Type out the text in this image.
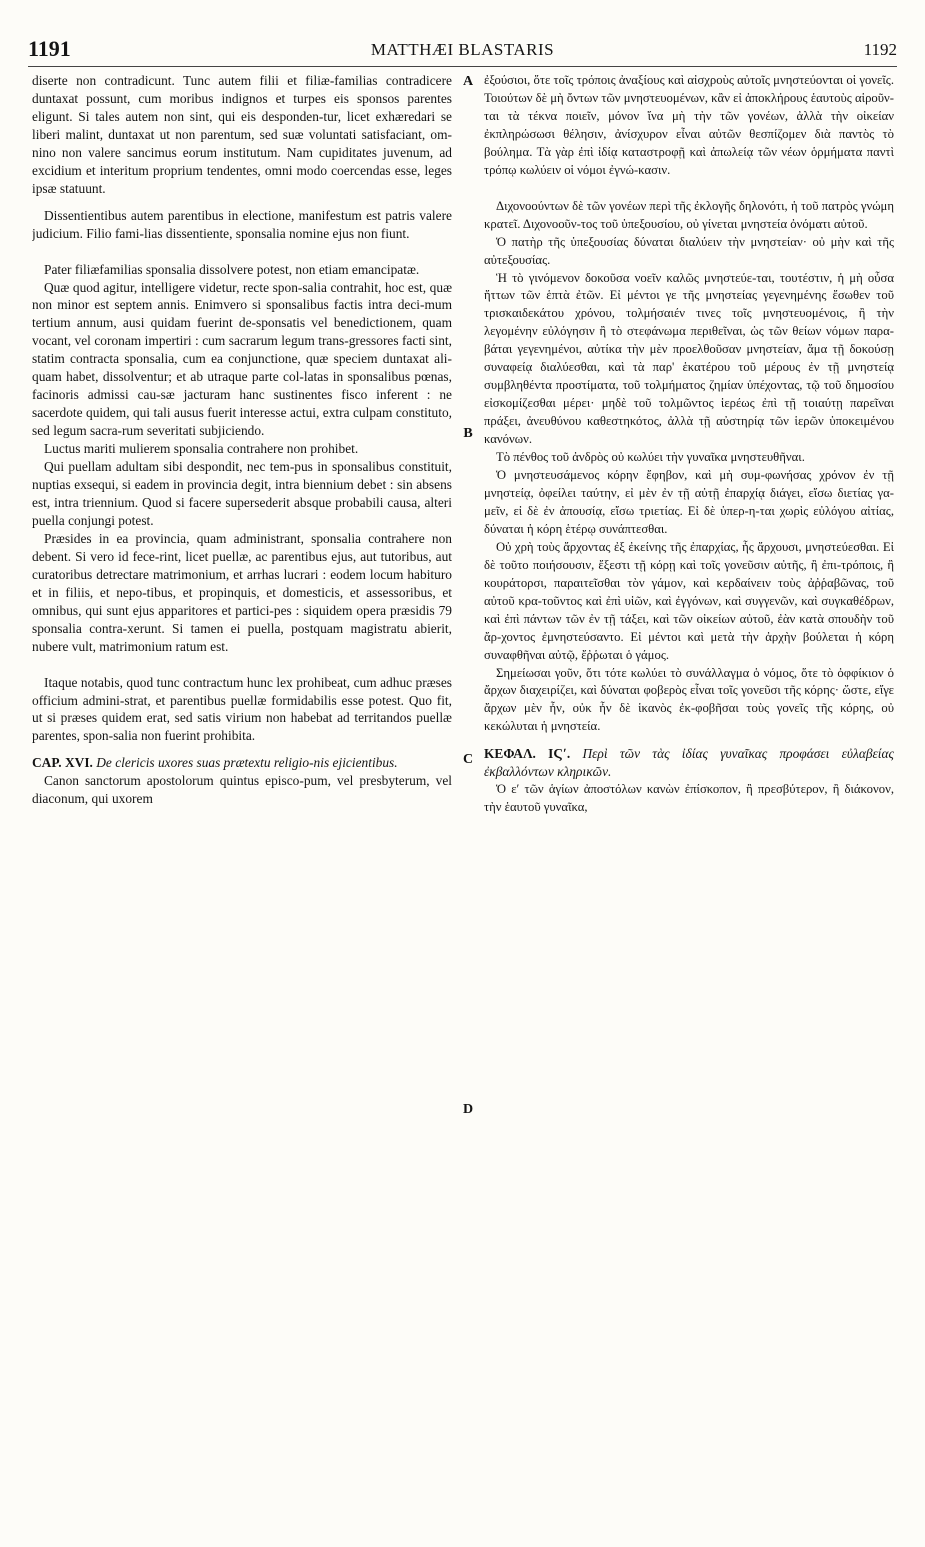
1191	MATTHÆI BLASTARIS	1192
A
B
C
D

diserte non contradicunt. Tunc autem filii et filiæ-familias contradicere duntaxat possunt, cum moribus indignos et turpes eis sponsos parentes eligunt. Si tales autem non sint, qui eis desponden-tur, licet exhæredari se liberi malint, duntaxat ut non parentum, sed suæ voluntati satisfaciant, om-nino non valere sancimus eorum institutum. Nam cupiditates juvenum, ad excidium et interitum proprium tendentes, omni modo coercendas esse, leges ipsæ statuunt.

Dissentientibus autem parentibus in electione, manifestum est patris valere judicium. Filio fami-lias dissentiente, sponsalia nomine ejus non fiunt.

Pater filiæfamilias sponsalia dissolvere potest, non etiam emancipatæ.

Quæ quod agitur, intelligere videtur, recte spon-salia contrahit, hoc est, quæ non minor est septem annis. Enimvero si sponsalibus factis intra deci-mum tertium annum, ausi quidam fuerint de-sponsatis vel benedictionem, quam vocant, vel coronam impertiri : cum sacrarum legum trans-gressores facti sint, statim contracta sponsalia, cum ea conjunctione, quæ speciem duntaxat ali-quam habet, dissolventur; et ab utraque parte col-latas in sponsalibus pœnas, facinoris admissi cau-sæ jacturam hanc sustinentes fisco inferent : ne sacerdote quidem, qui tali ausus fuerit interesse actui, extra culpam constituto, sed legum sacra-rum severitati subjiciendo.

Luctus mariti mulierem sponsalia contrahere non prohibet.

Qui puellam adultam sibi despondit, nec tem-pus in sponsalibus constituit, nuptias exsequi, si eadem in provincia degit, intra biennium debet : sin absens est, intra triennium. Quod si facere supersederit absque probabili causa, alteri puella conjungi potest.

Præsides in ea provincia, quam administrant, sponsalia contrahere non debent. Si vero id fece-rint, licet puellæ, ac parentibus ejus, aut tutoribus, aut curatoribus detrectare matrimonium, et arrhas lucrari : eodem locum habituro et in filiis, et nepo-tibus, et propinquis, et domesticis, et assessoribus, et omnibus, qui sunt ejus apparitores et partici-pes : siquidem opera præsidis 79 sponsalia contra-xerunt. Si tamen ei puella, postquam magistratu abierit, nubere vult, matrimonium ratum est.

Itaque notabis, quod tunc contractum hunc lex prohibeat, cum adhuc præses officium admini-strat, et parentibus puellæ formidabilis esse potest. Quo fit, ut si præses quidem erat, sed satis virium non habebat ad territandos puellæ parentes, spon-salia non fuerint prohibita.

CAP. XVI. De clericis uxores suas prætextu religio-nis ejicientibus.

Canon sanctorum apostolorum quintus episco-pum, vel presbyterum, vel diaconum, qui uxorem

ἐξούσιοι, ὅτε τοῖς τρόποις ἀναξίους καὶ αἰσχροὺς αὐτοῖς μνηστεύονται οἱ γονεῖς. Τοιούτων δὲ μὴ ὄντων τῶν μνηστευομένων, κἂν εἰ ἀποκλήρους ἑαυτοὺς αἱροῦν-ται τὰ τέκνα ποιεῖν, μόνον ἵνα μὴ τὴν τῶν γονέων, ἀλλὰ τὴν οἰκείαν ἐκπληρώσωσι θέλησιν, ἀνίσχυρον εἶναι αὐτῶν θεσπίζομεν διὰ παντὸς τὸ βούλημα. Τὰ γὰρ ἐπὶ ἰδίᾳ καταστροφῇ καὶ ἀπωλείᾳ τῶν νέων ὁρμήματα παντὶ τρόπῳ κωλύειν οἱ νόμοι ἐγνώ-κασιν.

Διχονοούντων δὲ τῶν γονέων περὶ τῆς ἐκλογῆς δηλονότι, ἡ τοῦ πατρὸς γνώμη κρατεῖ. Διχονοοῦν-τος τοῦ ὑπεξουσίου, οὐ γίνεται μνηστεία ὀνόματι αὐτοῦ.

Ὁ πατὴρ τῆς ὑπεξουσίας δύναται διαλύειν τὴν μνηστείαν· οὐ μὴν καὶ τῆς αὐτεξουσίας.

Ἡ τὸ γινόμενον δοκοῦσα νοεῖν καλῶς μνηστεύε-ται, τουτέστιν, ἡ μὴ οὖσα ἥττων τῶν ἑπτὰ ἐτῶν. Εἰ μέντοι γε τῆς μνηστείας γεγενημένης ἔσωθεν τοῦ τρισκαιδεκάτου χρόνου, τολμήσαιέν τινες τοῖς μνηστευομένοις, ἢ τὴν λεγομένην εὐλόγησιν ἢ τὸ στεφάνωμα περιθεῖναι, ὡς τῶν θείων νόμων παρα-βάται γεγενημένοι, αὐτίκα τὴν μὲν προελθοῦσαν μνηστείαν, ἅμα τῇ δοκούσῃ συναφείᾳ διαλύεσθαι, καὶ τὰ παρ' ἑκατέρου τοῦ μέρους ἐν τῇ μνηστείᾳ συμβληθέντα προστίματα, τοῦ τολμήματος ζημίαν ὑπέχοντας, τῷ τοῦ δημοσίου εἰσκομίζεσθαι μέρει· μηδὲ τοῦ τολμῶντος ἱερέως ἐπὶ τῇ τοιαύτῃ παρεῖναι πράξει, ἀνευθύνου καθεστηκότος, ἀλλὰ τῇ αὐστηρίᾳ τῶν ἱερῶν ὑποκειμένου κανόνων.

Τὸ πένθος τοῦ ἀνδρὸς οὐ κωλύει τὴν γυναῖκα μνηστευθῆναι.

Ὁ μνηστευσάμενος κόρην ἔφηβον, καὶ μὴ συμ-φωνήσας χρόνον ἐν τῇ μνηστείᾳ, ὀφείλει ταύτην, εἰ μὲν ἐν τῇ αὐτῇ ἐπαρχίᾳ διάγει, εἴσω διετίας γα-μεῖν, εἰ δὲ ἐν ἀπουσίᾳ, εἴσω τριετίας. Εἰ δὲ ὑπερ-η-ται χωρὶς εὐλόγου αἰτίας, δύναται ἡ κόρη ἑτέρῳ συνάπτεσθαι.

Οὐ χρὴ τοὺς ἄρχοντας ἐξ ἐκείνης τῆς ἐπαρχίας, ἧς ἄρχουσι, μνηστεύεσθαι. Εἰ δὲ τοῦτο ποιήσουσιν, ἔξεστι τῇ κόρῃ καὶ τοῖς γονεῦσιν αὐτῆς, ἢ ἐπι-τρόποις, ἢ κουράτορσι, παραιτεῖσθαι τὸν γάμον, καὶ κερδαίνειν τοὺς ἀῤῥαβῶνας, τοῦ αὐτοῦ κρα-τοῦντος καὶ ἐπὶ υἱῶν, καὶ ἐγγόνων, καὶ συγγενῶν, καὶ συγκαθέδρων, καὶ ἐπὶ πάντων τῶν ἐν τῇ τάξει, καὶ τῶν οἰκείων αὐτοῦ, ἐὰν κατὰ σπουδὴν τοῦ ἄρ-χοντος ἐμνηστεύσαντο. Εἰ μέντοι καὶ μετὰ τὴν ἀρχὴν βούλεται ἡ κόρη συναφθῆναι αὐτῷ, ἔῤῥωται ὁ γάμος.

Σημείωσαι γοῦν, ὅτι τότε κωλύει τὸ συνάλλαγμα ὁ νόμος, ὅτε τὸ ὀφφίκιον ὁ ἄρχων διαχειρίζει, καὶ δύναται φοβερὸς εἶναι τοῖς γονεῦσι τῆς κόρης· ὥστε, εἴγε ἄρχων μὲν ἦν, οὐκ ἦν δὲ ἱκανὸς ἐκ-φοβῆσαι τοὺς γονεῖς τῆς κόρης, οὐ κεκώλυται ἡ μνηστεία.

ΚΕΦΑΛ. ΙϚʹ. Περὶ τῶν τὰς ἰδίας γυναῖκας προφάσει εὐλαβείας ἐκβαλλόντων κληρικῶν.

Ὁ εʹ τῶν ἁγίων ἀποστόλων κανὼν ἐπίσκοπον, ἢ πρεσβύτερον, ἢ διάκονον, τὴν ἑαυτοῦ γυναῖκα,
